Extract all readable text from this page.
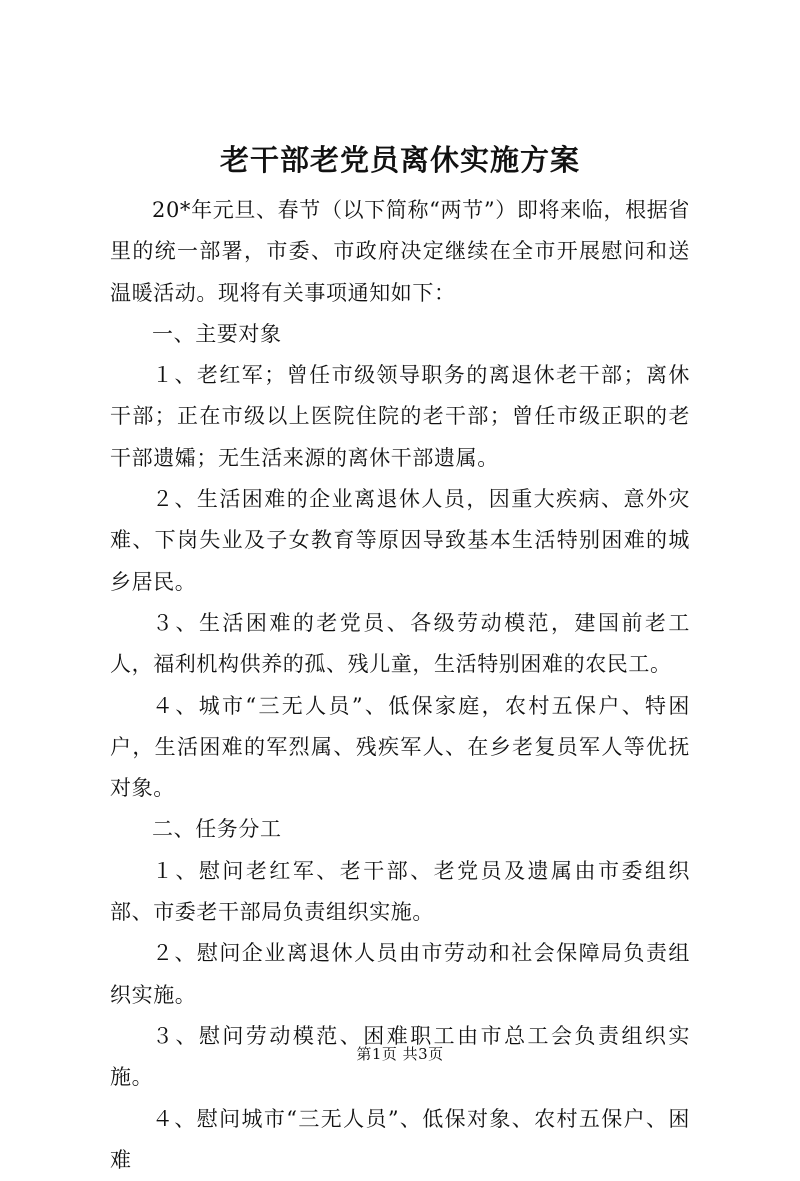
老干部老党员离休实施方案

20*年元旦、春节（以下简称“两节”）即将来临，根据省里的统一部署，市委、市政府决定继续在全市开展慰问和送温暖活动。现将有关事项通知如下：

一、主要对象

１、老红军；曾任市级领导职务的离退休老干部；离休干部；正在市级以上医院住院的老干部；曾任市级正职的老干部遗孀；无生活来源的离休干部遗属。

２、生活困难的企业离退休人员，因重大疾病、意外灾难、下岗失业及子女教育等原因导致基本生活特别困难的城乡居民。

３、生活困难的老党员、各级劳动模范，建国前老工人，福利机构供养的孤、残儿童，生活特别困难的农民工。

４、城市“三无人员”、低保家庭，农村五保户、特困户，生活困难的军烈属、残疾军人、在乡老复员军人等优抚对象。

二、任务分工

１、慰问老红军、老干部、老党员及遗属由市委组织部、市委老干部局负责组织实施。

２、慰问企业离退休人员由市劳动和社会保障局负责组织实施。

３、慰问劳动模范、困难职工由市总工会负责组织实施。

４、慰问城市“三无人员”、低保对象、农村五保户、困难

第1页 共3页
